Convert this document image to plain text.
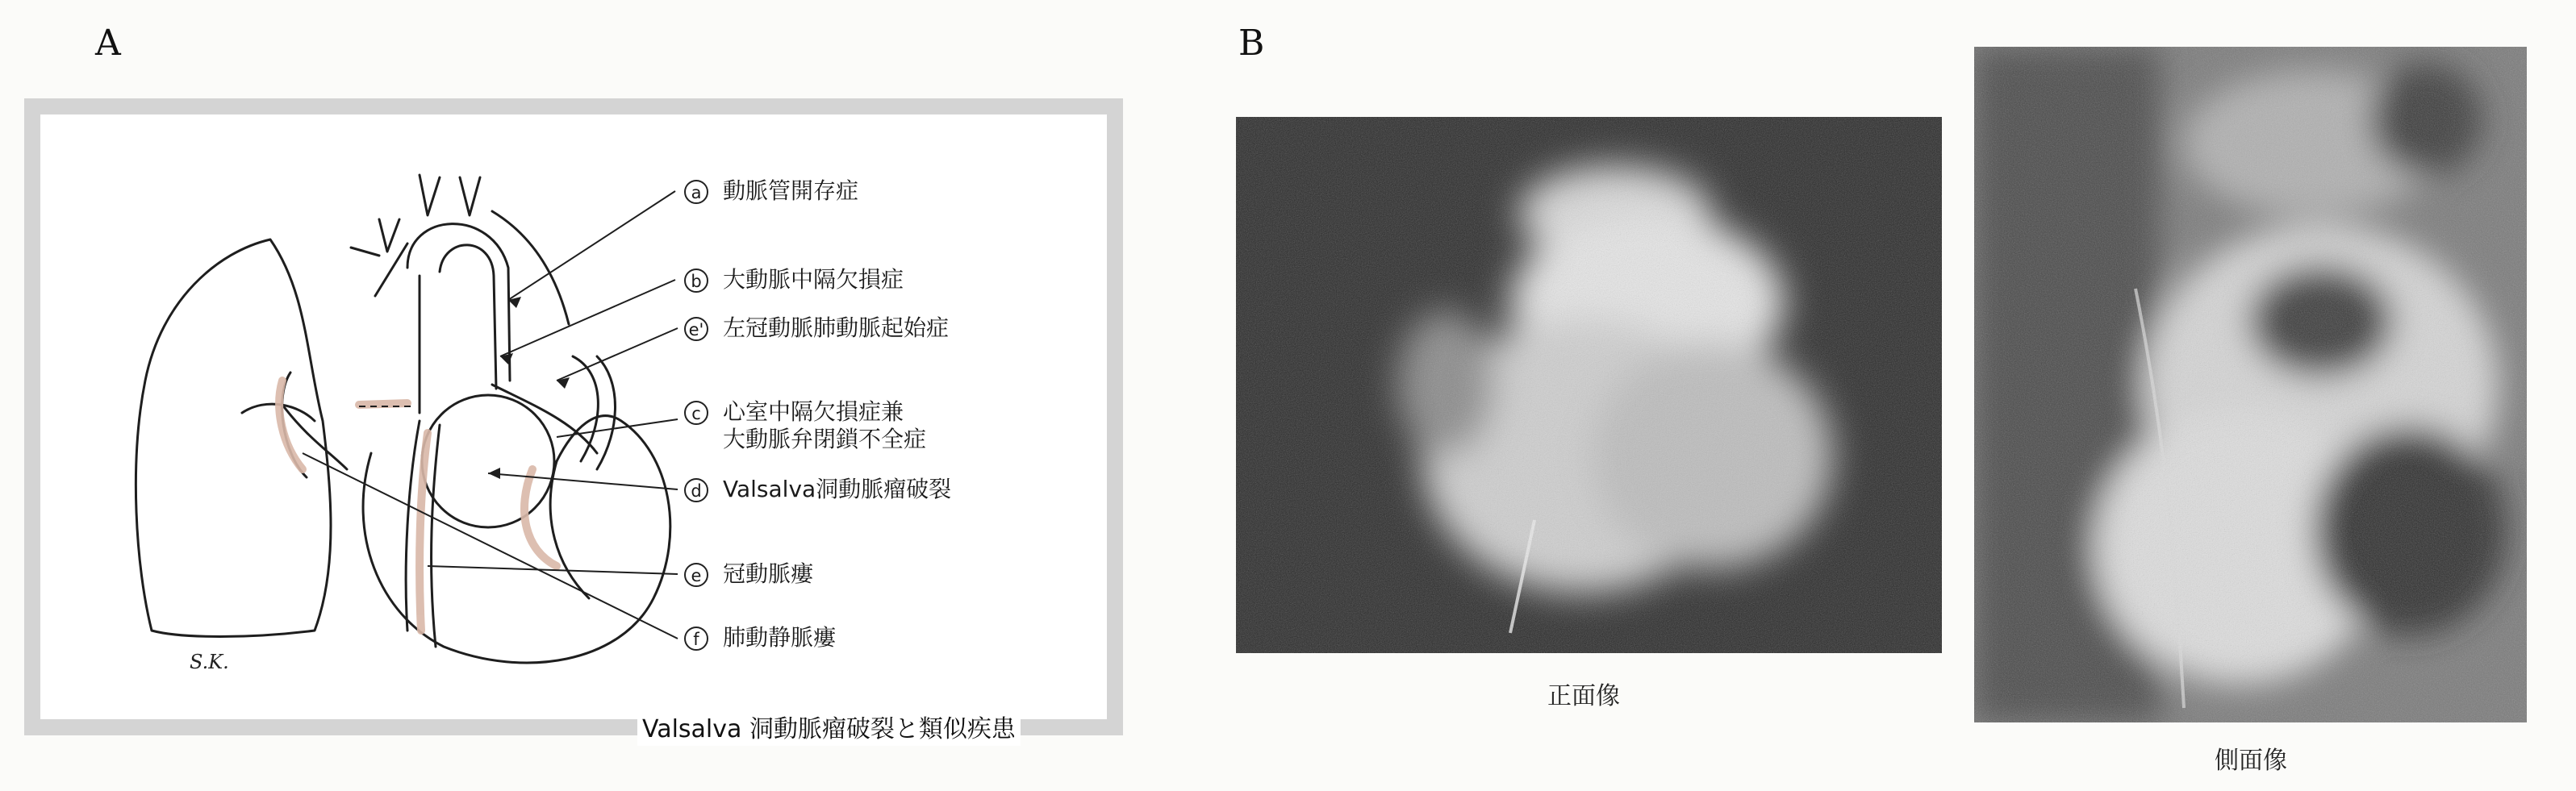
A	B
a 動脈管開存症
b 大動脈中隔欠損症
e' 左冠動脈肺動脈起始症
c 心室中隔欠損症兼
大動脈弁閉鎖不全症
d Valsalva洞動脈瘤破裂
e 冠動脈瘻
f 肺動静脈瘻
S.K.
Valsalva 洞動脈瘤破裂と類似疾患
正面像
側面像
